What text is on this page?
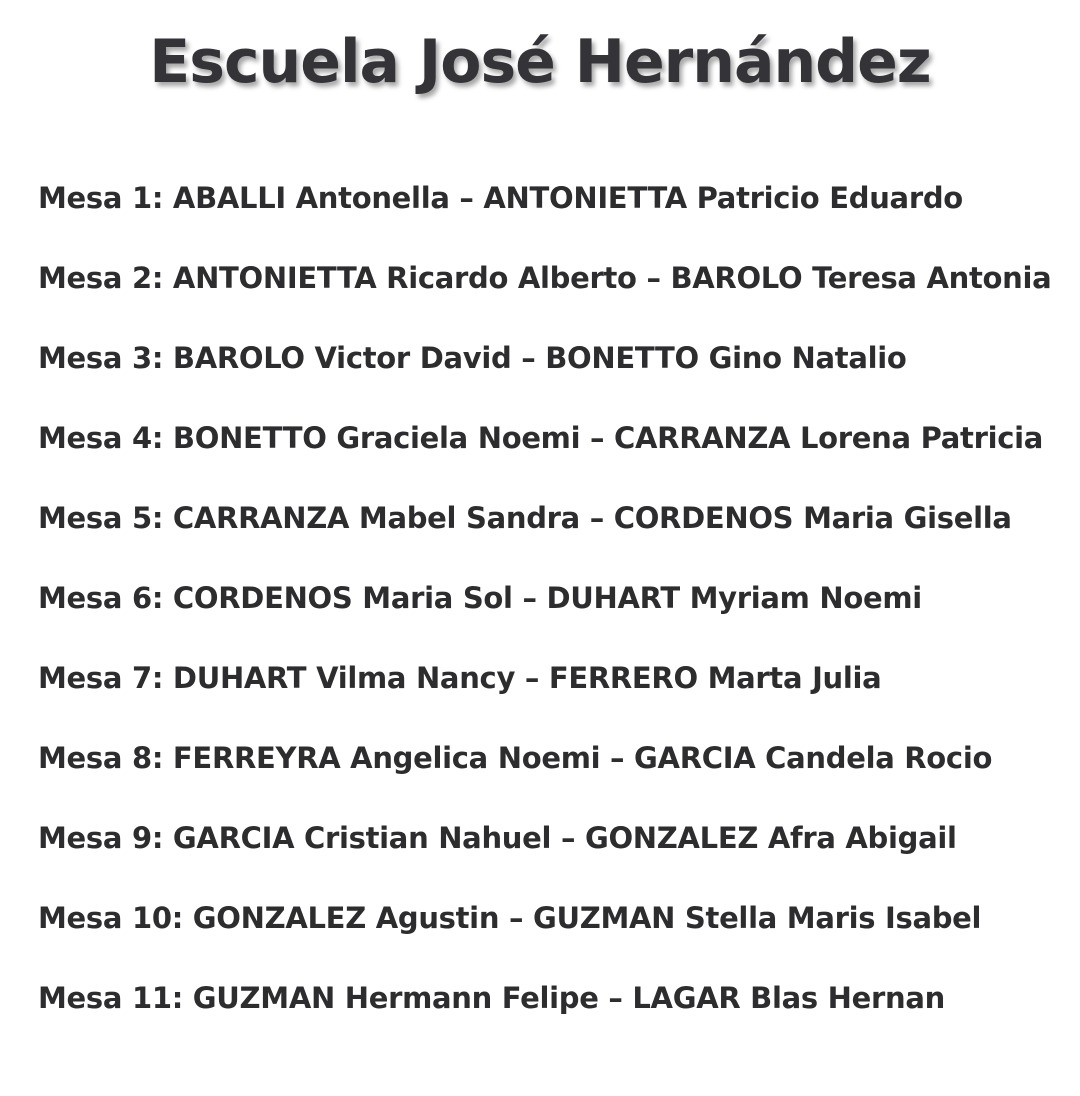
Escuela José Hernández
Mesa 1: ABALLI Antonella – ANTONIETTA Patricio Eduardo
Mesa 2: ANTONIETTA Ricardo Alberto – BAROLO Teresa Antonia
Mesa 3: BAROLO Victor David – BONETTO Gino Natalio
Mesa 4: BONETTO Graciela Noemi – CARRANZA Lorena Patricia
Mesa 5: CARRANZA Mabel Sandra – CORDENOS Maria Gisella
Mesa 6: CORDENOS Maria Sol – DUHART Myriam Noemi
Mesa 7: DUHART Vilma Nancy – FERRERO Marta Julia
Mesa 8: FERREYRA Angelica Noemi – GARCIA Candela Rocio
Mesa 9: GARCIA Cristian Nahuel – GONZALEZ Afra Abigail
Mesa 10: GONZALEZ Agustin – GUZMAN Stella Maris Isabel
Mesa 11: GUZMAN Hermann Felipe – LAGAR Blas Hernan
